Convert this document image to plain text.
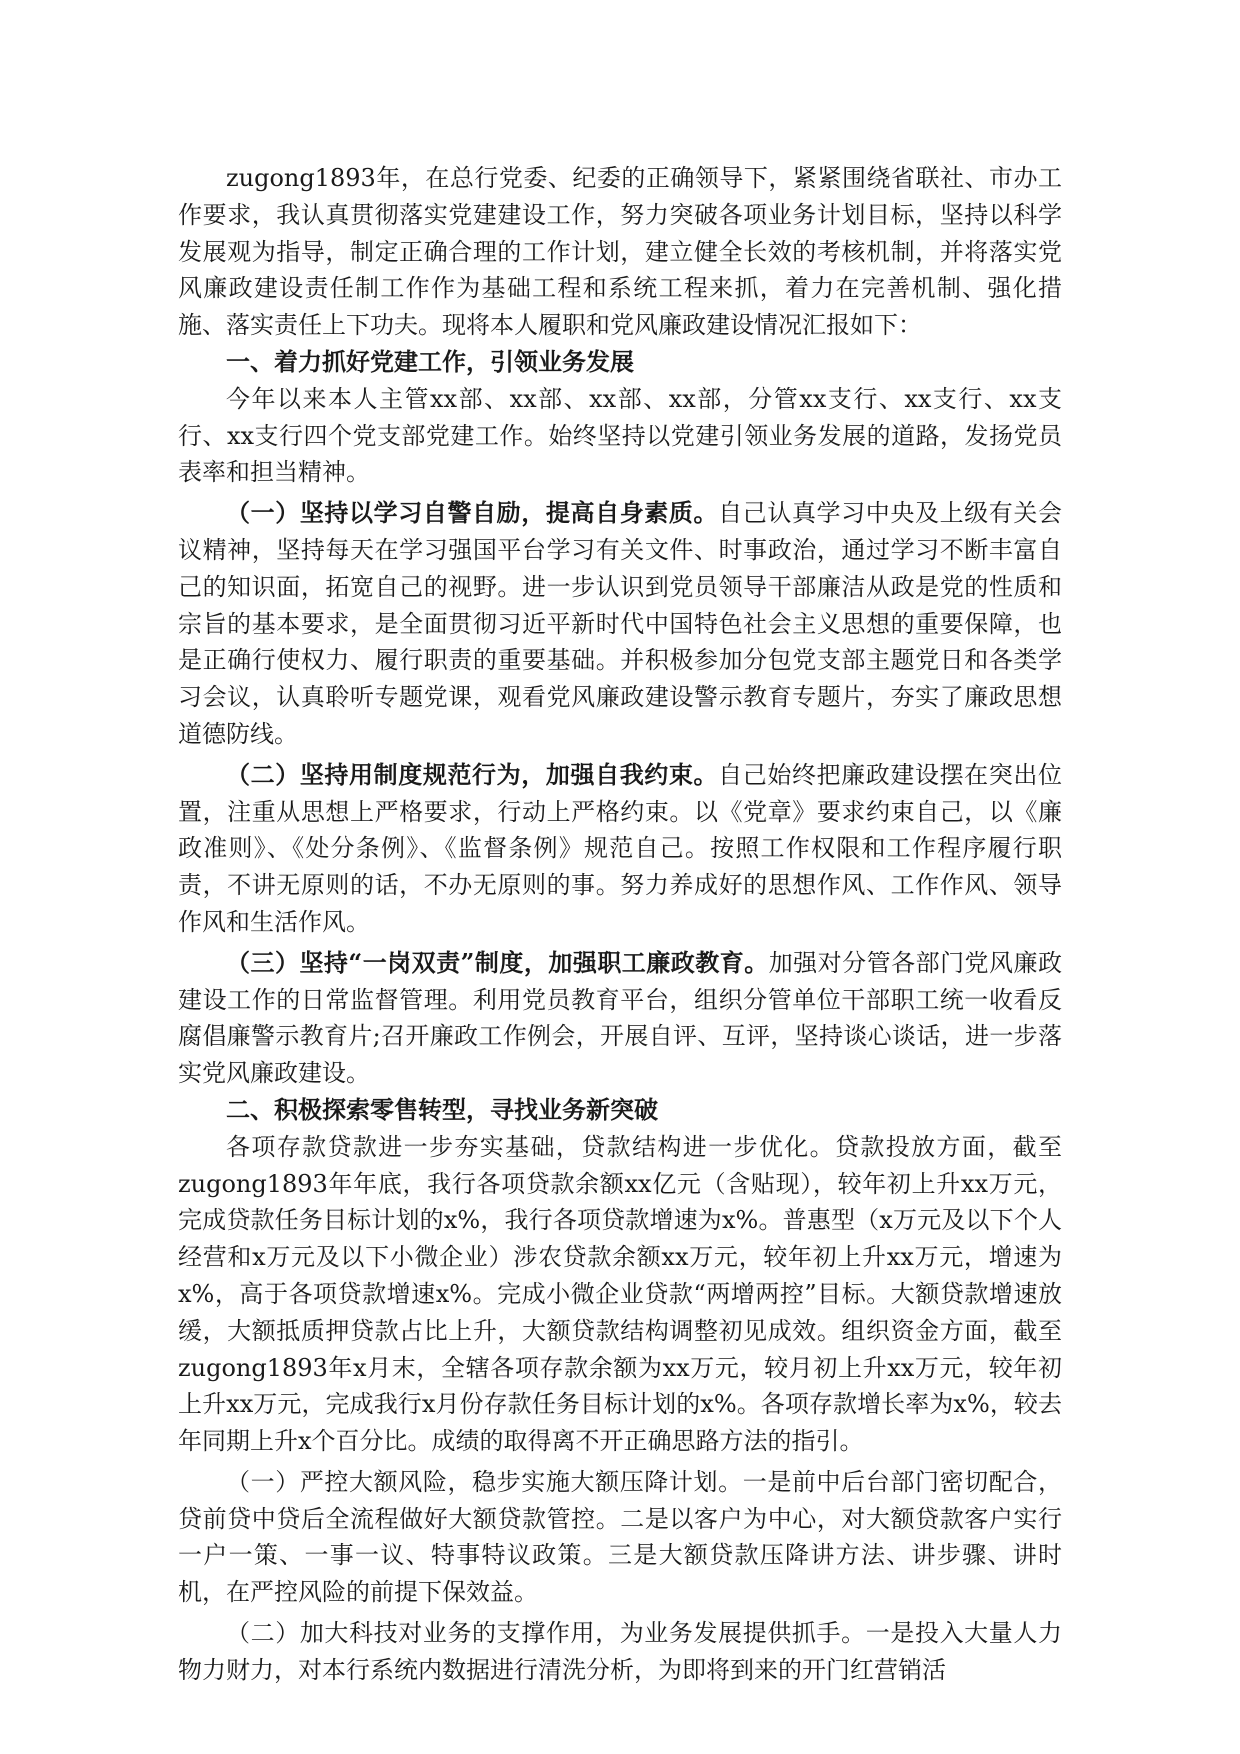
zugong1893年，在总行党委、纪委的正确领导下，紧紧围绕省联社、市办工作要求，我认真贯彻落实党建建设工作，努力突破各项业务计划目标，坚持以科学发展观为指导，制定正确合理的工作计划，建立健全长效的考核机制，并将落实党风廉政建设责任制工作作为基础工程和系统工程来抓，着力在完善机制、强化措施、落实责任上下功夫。现将本人履职和党风廉政建设情况汇报如下：

一、着力抓好党建工作，引领业务发展

今年以来本人主管xx部、xx部、xx部、xx部，分管xx支行、xx支行、xx支行、xx支行四个党支部党建工作。始终坚持以党建引领业务发展的道路，发扬党员表率和担当精神。

（一）坚持以学习自警自励，提高自身素质。自己认真学习中央及上级有关会议精神，坚持每天在学习强国平台学习有关文件、时事政治，通过学习不断丰富自己的知识面，拓宽自己的视野。进一步认识到党员领导干部廉洁从政是党的性质和宗旨的基本要求，是全面贯彻习近平新时代中国特色社会主义思想的重要保障，也是正确行使权力、履行职责的重要基础。并积极参加分包党支部主题党日和各类学习会议，认真聆听专题党课，观看党风廉政建设警示教育专题片，夯实了廉政思想道德防线。

（二）坚持用制度规范行为，加强自我约束。自己始终把廉政建设摆在突出位置，注重从思想上严格要求，行动上严格约束。以《党章》要求约束自己，以《廉政准则》、《处分条例》、《监督条例》规范自己。按照工作权限和工作程序履行职责，不讲无原则的话，不办无原则的事。努力养成好的思想作风、工作作风、领导作风和生活作风。

（三）坚持“一岗双责”制度，加强职工廉政教育。加强对分管各部门党风廉政建设工作的日常监督管理。利用党员教育平台，组织分管单位干部职工统一收看反腐倡廉警示教育片;召开廉政工作例会，开展自评、互评，坚持谈心谈话，进一步落实党风廉政建设。

二、积极探索零售转型，寻找业务新突破

各项存款贷款进一步夯实基础，贷款结构进一步优化。贷款投放方面，截至zugong1893年年底，我行各项贷款余额xx亿元（含贴现），较年初上升xx万元，完成贷款任务目标计划的x%，我行各项贷款增速为x%。普惠型（x万元及以下个人经营和x万元及以下小微企业）涉农贷款余额xx万元，较年初上升xx万元，增速为x%，高于各项贷款增速x%。完成小微企业贷款“两增两控”目标。大额贷款增速放缓，大额抵质押贷款占比上升，大额贷款结构调整初见成效。组织资金方面，截至zugong1893年x月末，全辖各项存款余额为xx万元，较月初上升xx万元，较年初上升xx万元，完成我行x月份存款任务目标计划的x%。各项存款增长率为x%，较去年同期上升x个百分比。成绩的取得离不开正确思路方法的指引。

（一）严控大额风险，稳步实施大额压降计划。一是前中后台部门密切配合，贷前贷中贷后全流程做好大额贷款管控。二是以客户为中心，对大额贷款客户实行一户一策、一事一议、特事特议政策。三是大额贷款压降讲方法、讲步骤、讲时机，在严控风险的前提下保效益。

（二）加大科技对业务的支撑作用，为业务发展提供抓手。一是投入大量人力物力财力，对本行系统内数据进行清洗分析，为即将到来的开门红营销活
